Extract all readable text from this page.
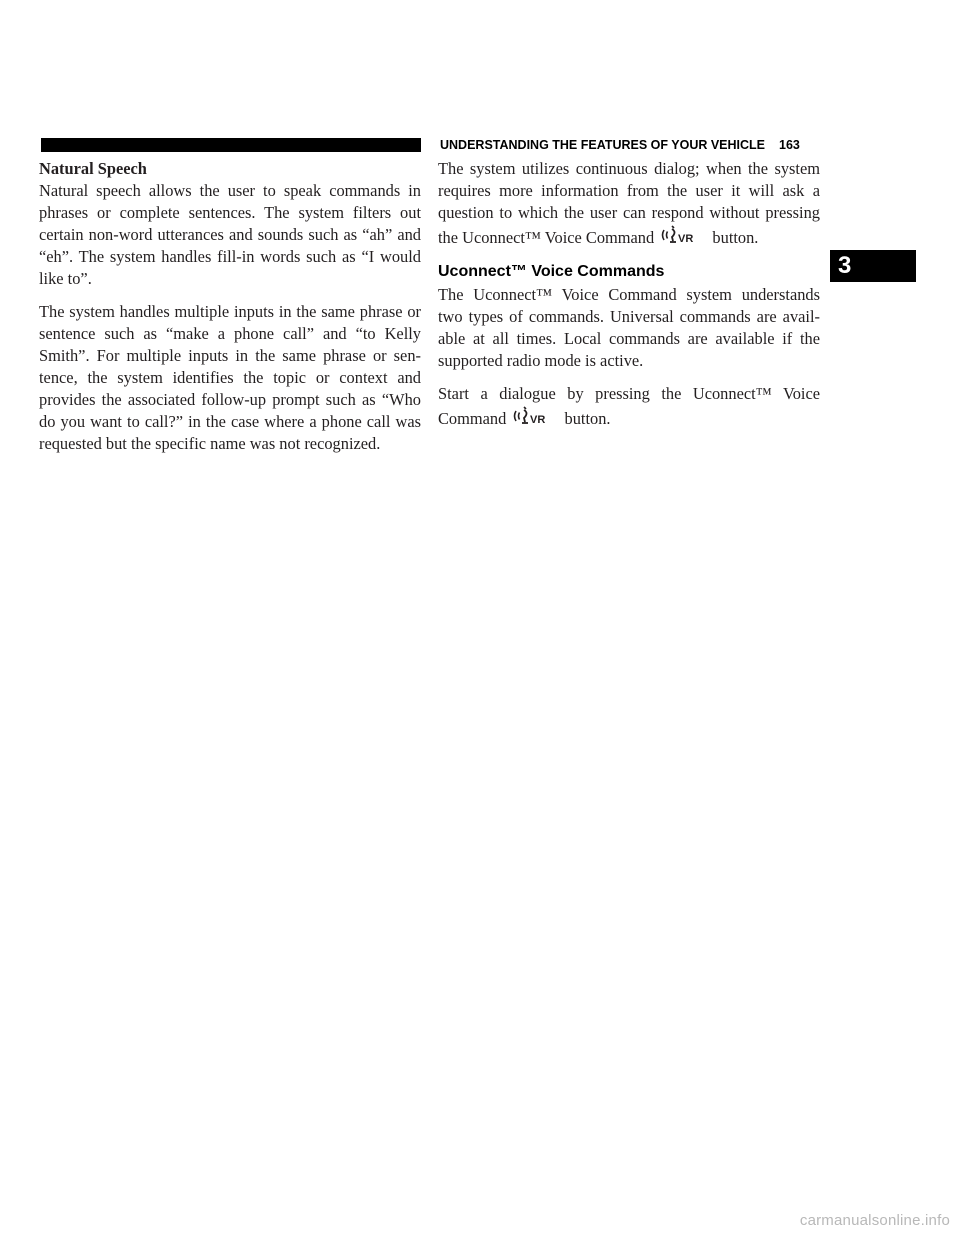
UNDERSTANDING THE FEATURES OF YOUR VEHICLE 163
Natural Speech

Natural speech allows the user to speak commands in phrases or complete sentences. The system filters out certain non-word utterances and sounds such as “ah” and “eh”. The system handles fill-in words such as “I would like to”.

The system handles multiple inputs in the same phrase or sentence such as “make a phone call” and “to Kelly Smith”. For multiple inputs in the same phrase or sen-tence, the system identifies the topic or context and provides the associated follow-up prompt such as “Who do you want to call?” in the case where a phone call was requested but the specific name was not recognized.

The system utilizes continuous dialog; when the system requires more information from the user it will ask a question to which the user can respond without pressing the Uconnect™ Voice Command VR button.

Uconnect™ Voice Commands

The Uconnect™ Voice Command system understands two types of commands. Universal commands are avail-able at all times. Local commands are available if the supported radio mode is active.

Start a dialogue by pressing the Uconnect™ Voice Command VR button.

3
carmanualsonline.info
